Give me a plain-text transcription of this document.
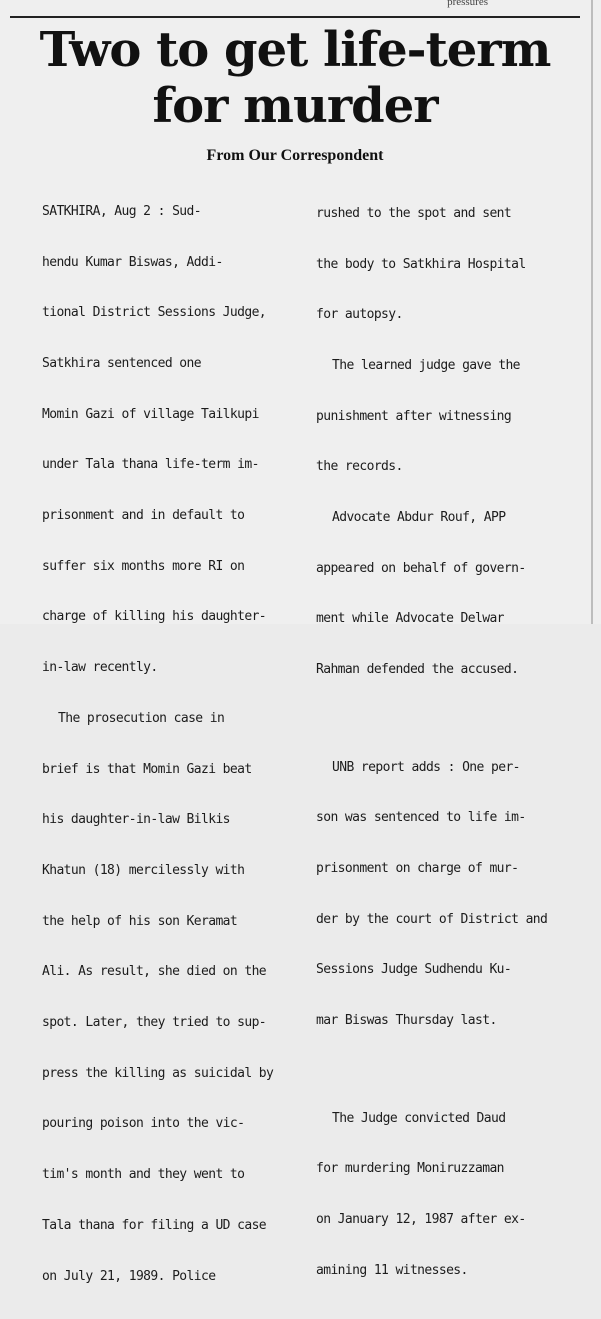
pressures
Two to get life-term
for murder
From Our Correspondent

SATKHIRA, Aug 2 : Sud-

hendu Kumar Biswas, Addi-

tional District Sessions Judge,

Satkhira sentenced one

Momin Gazi of village Tailkupi

under Tala thana life-term im-

prisonment and in default to

suffer six months more RI on

charge of killing his daughter-

in-law recently.

The prosecution case in

brief is that Momin Gazi beat

his daughter-in-law Bilkis

Khatun (18) mercilessly with

the help of his son Keramat

Ali. As result, she died on the

spot. Later, they tried to sup-

press the killing as suicidal by

pouring poison into the vic-

tim's month and they went to

Tala thana for filing a UD case

on July 21, 1989. Police

rushed to the spot and sent

the body to Satkhira Hospital

for autopsy.

The learned judge gave the

punishment after witnessing

the records.

Advocate Abdur Rouf, APP

appeared on behalf of govern-

ment while Advocate Delwar

Rahman defended the accused.

UNB report adds : One per-

son was sentenced to life im-

prisonment on charge of mur-

der by the court of District and

Sessions Judge Sudhendu Ku-

mar Biswas Thursday last.

The Judge convicted Daud

for murdering Moniruzzaman

on January 12, 1987 after ex-

amining 11 witnesses.
